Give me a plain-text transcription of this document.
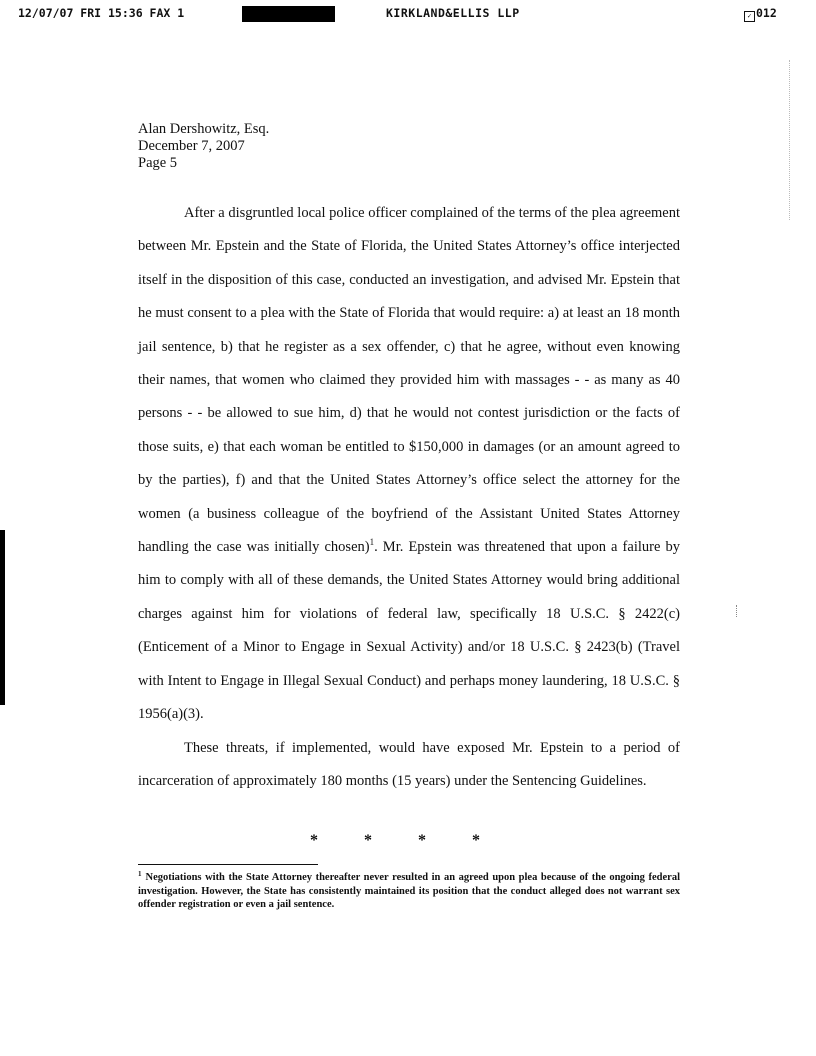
12/07/07 FRI 15:36 FAX 1	KIRKLAND&ELLIS LLP	✓ 012
Alan Dershowitz, Esq.
December 7, 2007
Page 5

After a disgruntled local police officer complained of the terms of the plea agreement between Mr. Epstein and the State of Florida, the United States Attorney’s office interjected itself in the disposition of this case, conducted an investigation, and advised Mr. Epstein that he must consent to a plea with the State of Florida that would require: a) at least an 18 month jail sentence, b) that he register as a sex offender, c) that he agree, without even knowing their names, that women who claimed they provided him with massages - - as many as 40 persons - - be allowed to sue him, d) that he would not contest jurisdiction or the facts of those suits, e) that each woman be entitled to $150,000 in damages (or an amount agreed to by the parties), f) and that the United States Attorney’s office select the attorney for the women (a business colleague of the boyfriend of the Assistant United States Attorney handling the case was initially chosen)$^1$. Mr. Epstein was threatened that upon a failure by him to comply with all of these demands, the United States Attorney would bring additional charges against him for violations of federal law, specifically 18 U.S.C. § 2422(c)(Enticement of a Minor to Engage in Sexual Activity) and/or 18 U.S.C. § 2423(b) (Travel with Intent to Engage in Illegal Sexual Conduct) and perhaps money laundering, 18 U.S.C. § 1956(a)(3).

These threats, if implemented, would have exposed Mr. Epstein to a period of incarceration of approximately 180 months (15 years) under the Sentencing Guidelines.

*	*	*	*
$^1$ Negotiations with the State Attorney thereafter never resulted in an agreed upon plea because of the ongoing federal investigation. However, the State has consistently maintained its position that the conduct alleged does not warrant sex offender registration or even a jail sentence.
